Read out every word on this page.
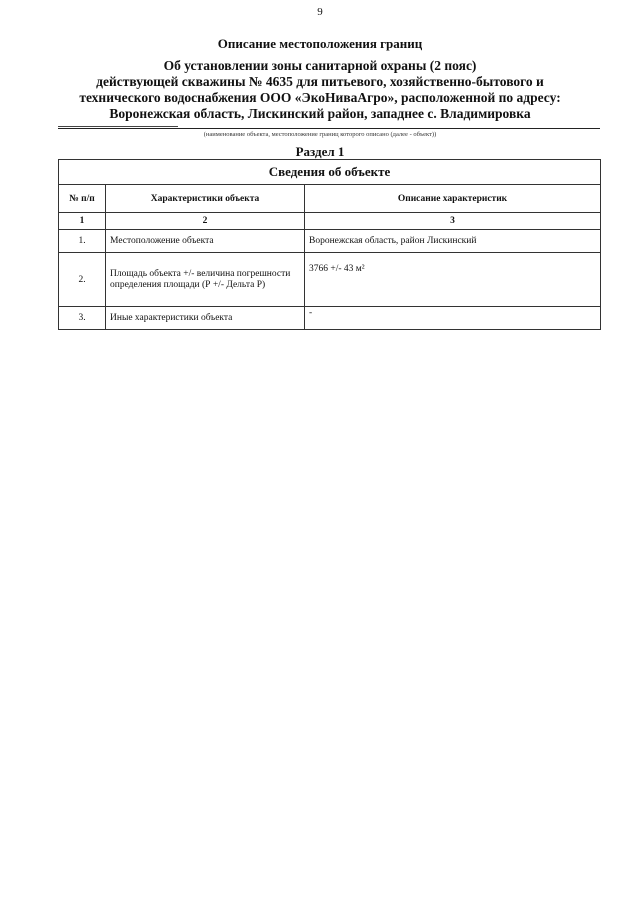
9
Описание местоположения границ
Об установлении зоны санитарной охраны (2 пояс)
действующей скважины № 4635 для питьевого, хозяйственно-бытового и
технического водоснабжения ООО «ЭкоНиваАгро», расположенной по адресу:
Воронежская область, Лискинский район, западнее с. Владимировка
(наименование объекта, местоположение границ которого описано (далее - объект))
Раздел 1
Сведения об объекте		
№ п/п	Характеристики объекта	Описание характеристик
1	2	3
1.	Местоположение объекта	Воронежская область, район Лискинский
2.	Площадь объекта +/- величина погрешности определения площади (Р +/- Дельта Р)	3766 +/- 43 м²
3.	Иные характеристики объекта	-
